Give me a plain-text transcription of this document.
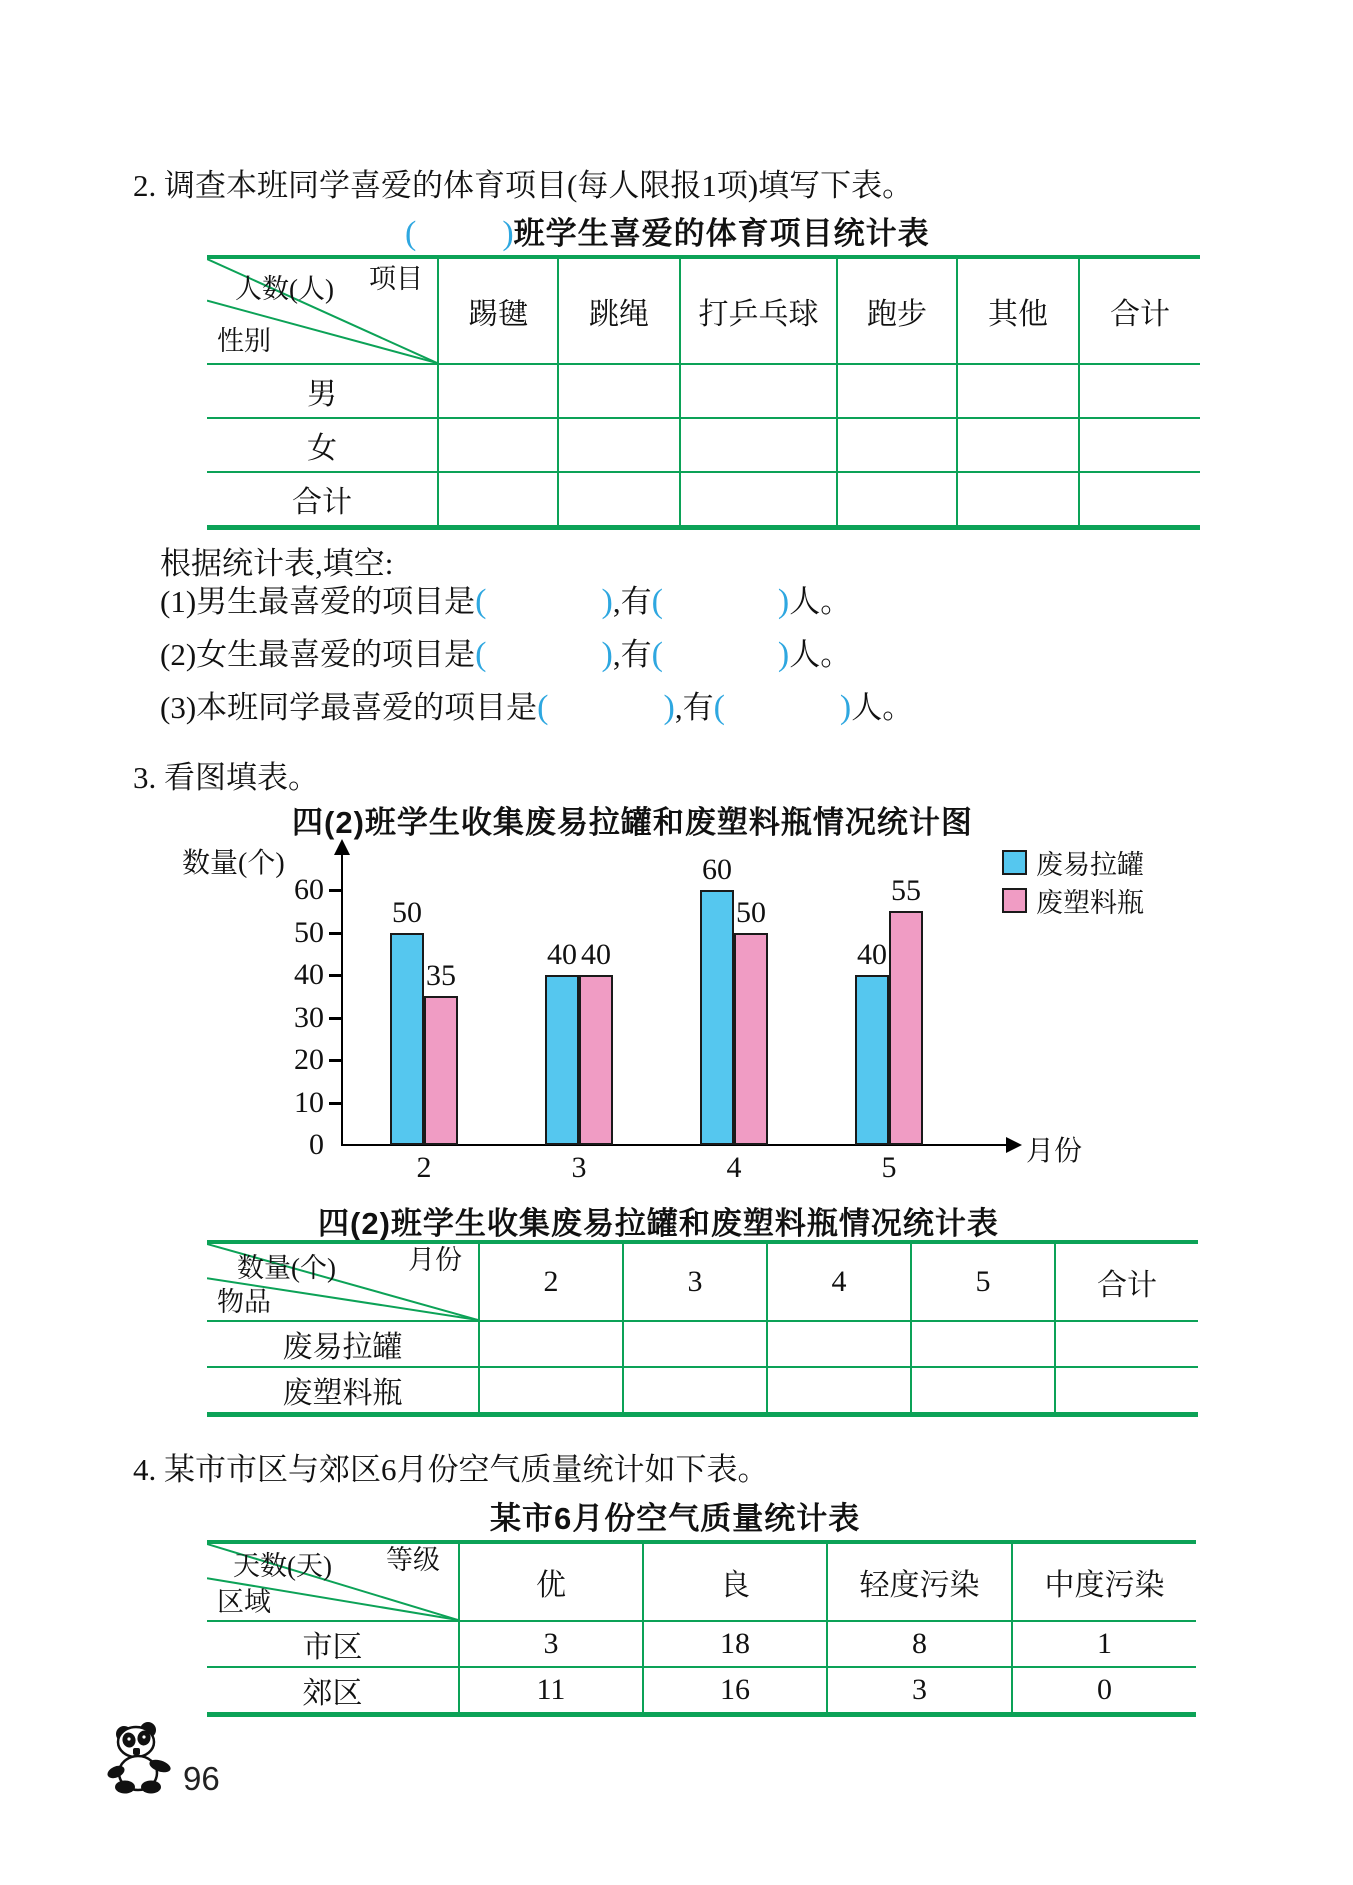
2. 调查本班同学喜爱的体育项目(每人限报1项)填写下表。
(	)班学生喜爱的体育项目统计表
人数(人) 项目
性别	踢毽	跳绳	打乒乓球	跑步	其他	合计
男						
女						
合计						
根据统计表,填空:
(1)男生最喜爱的项目是(	),有(	)人。
(2)女生最喜爱的项目是(	),有(	)人。
(3)本班同学最喜爱的项目是(	),有(	)人。
3. 看图填表。
四(2)班学生收集废易拉罐和废塑料瓶情况统计图
数量(个)
月份
废易拉罐
废塑料瓶
0
10
20
30
40
50
60
50
35
2
40 40
3
60
50
4
40
55
5
四(2)班学生收集废易拉罐和废塑料瓶情况统计表
数量(个) 月份
物品	2	3	4	5	合计
废易拉罐					
废塑料瓶					
4. 某市市区与郊区6月份空气质量统计如下表。
某市6月份空气质量统计表
天数(天) 等级
区域	优	良	轻度污染	中度污染
市区	3	18	8	1
郊区	11	16	3	0
96
